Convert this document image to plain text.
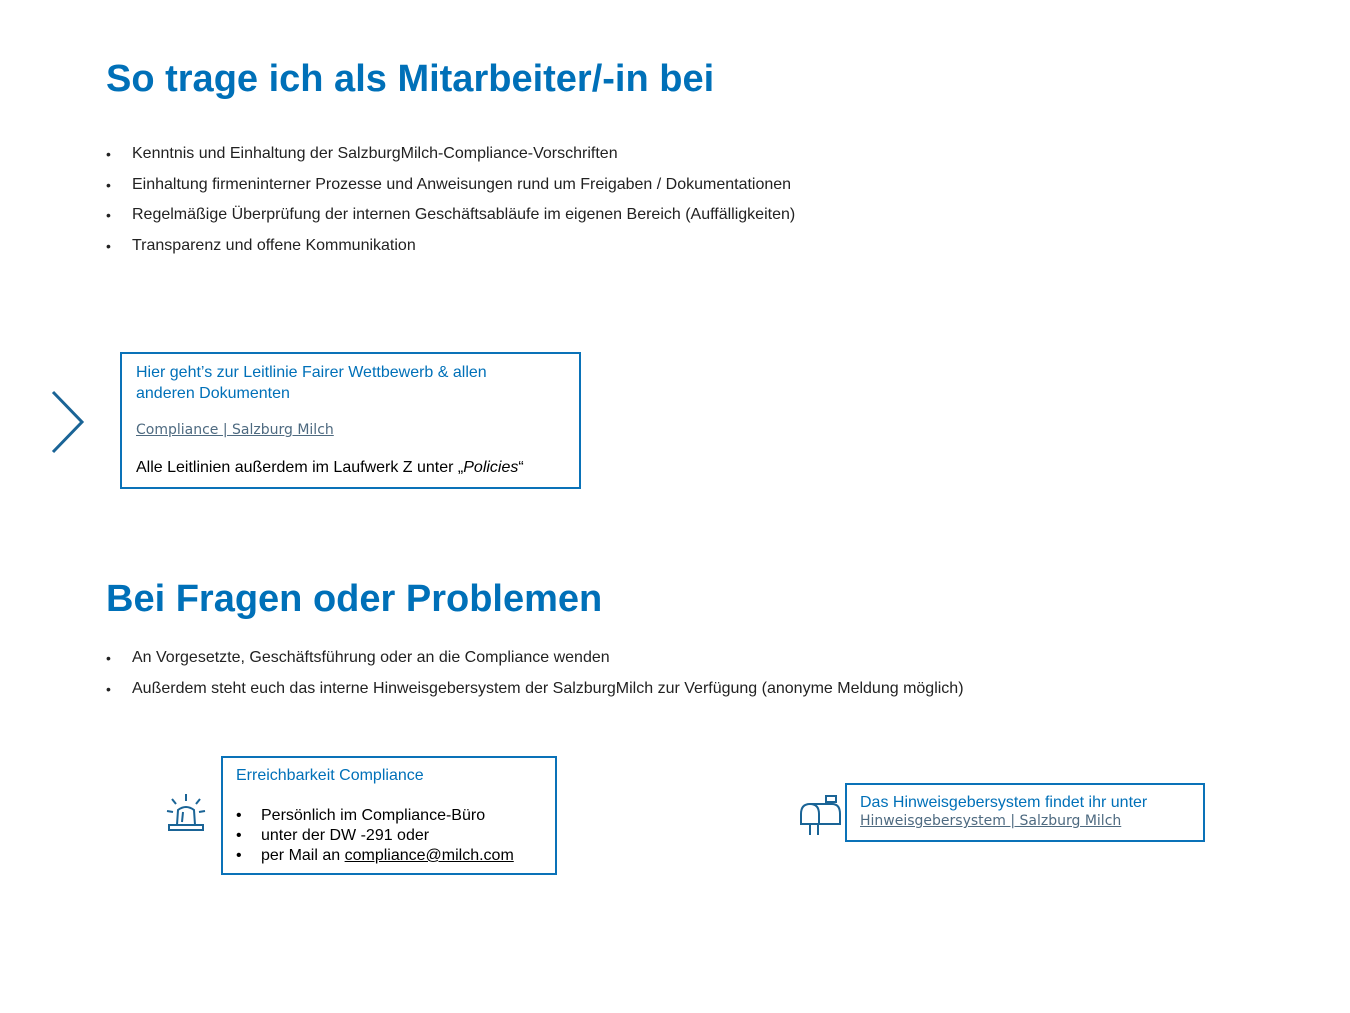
So trage ich als Mitarbeiter/-in bei
• Kenntnis und Einhaltung der SalzburgMilch-Compliance-Vorschriften
• Einhaltung firmeninterner Prozesse und Anweisungen rund um Freigaben / Dokumentationen
• Regelmäßige Überprüfung der internen Geschäftsabläufe im eigenen Bereich (Auffälligkeiten)
• Transparenz und offene Kommunikation
Hier geht’s zur Leitlinie Fairer Wettbewerb & allen anderen Dokumenten
Compliance | Salzburg Milch
Alle Leitlinien außerdem im Laufwerk Z unter „Policies“
Bei Fragen oder Problemen
• An Vorgesetzte, Geschäftsführung oder an die Compliance wenden
• Außerdem steht euch das interne Hinweisgebersystem der SalzburgMilch zur Verfügung (anonyme Meldung möglich)
Erreichbarkeit Compliance
• Persönlich im Compliance-Büro
• unter der DW -291 oder
• per Mail an compliance@milch.com
Das Hinweisgebersystem findet ihr unter
Hinweisgebersystem | Salzburg Milch
